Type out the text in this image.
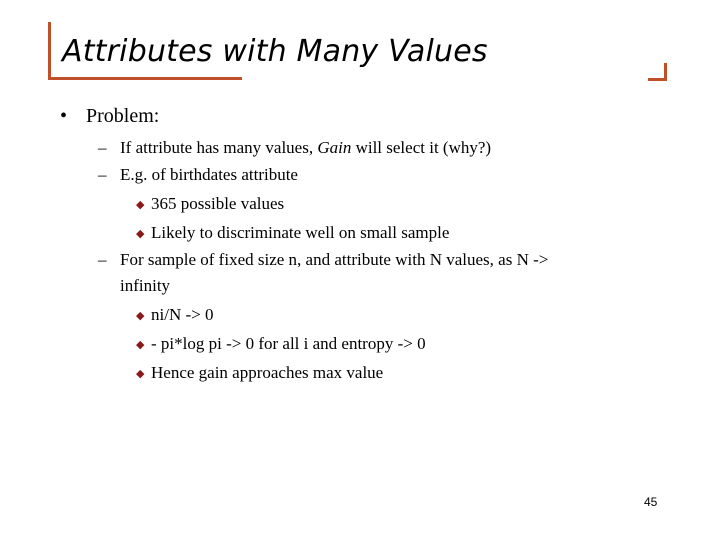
Attributes with Many Values
• Problem:
– If attribute has many values, Gain will select it (why?)
– E.g. of birthdates attribute
◆ 365 possible values
◆ Likely to discriminate well on small sample
– For sample of fixed size n, and attribute with N values, as N ->
infinity
◆ ni/N -> 0
◆ - pi*log pi -> 0 for all i and entropy -> 0
◆ Hence gain approaches max value
45
